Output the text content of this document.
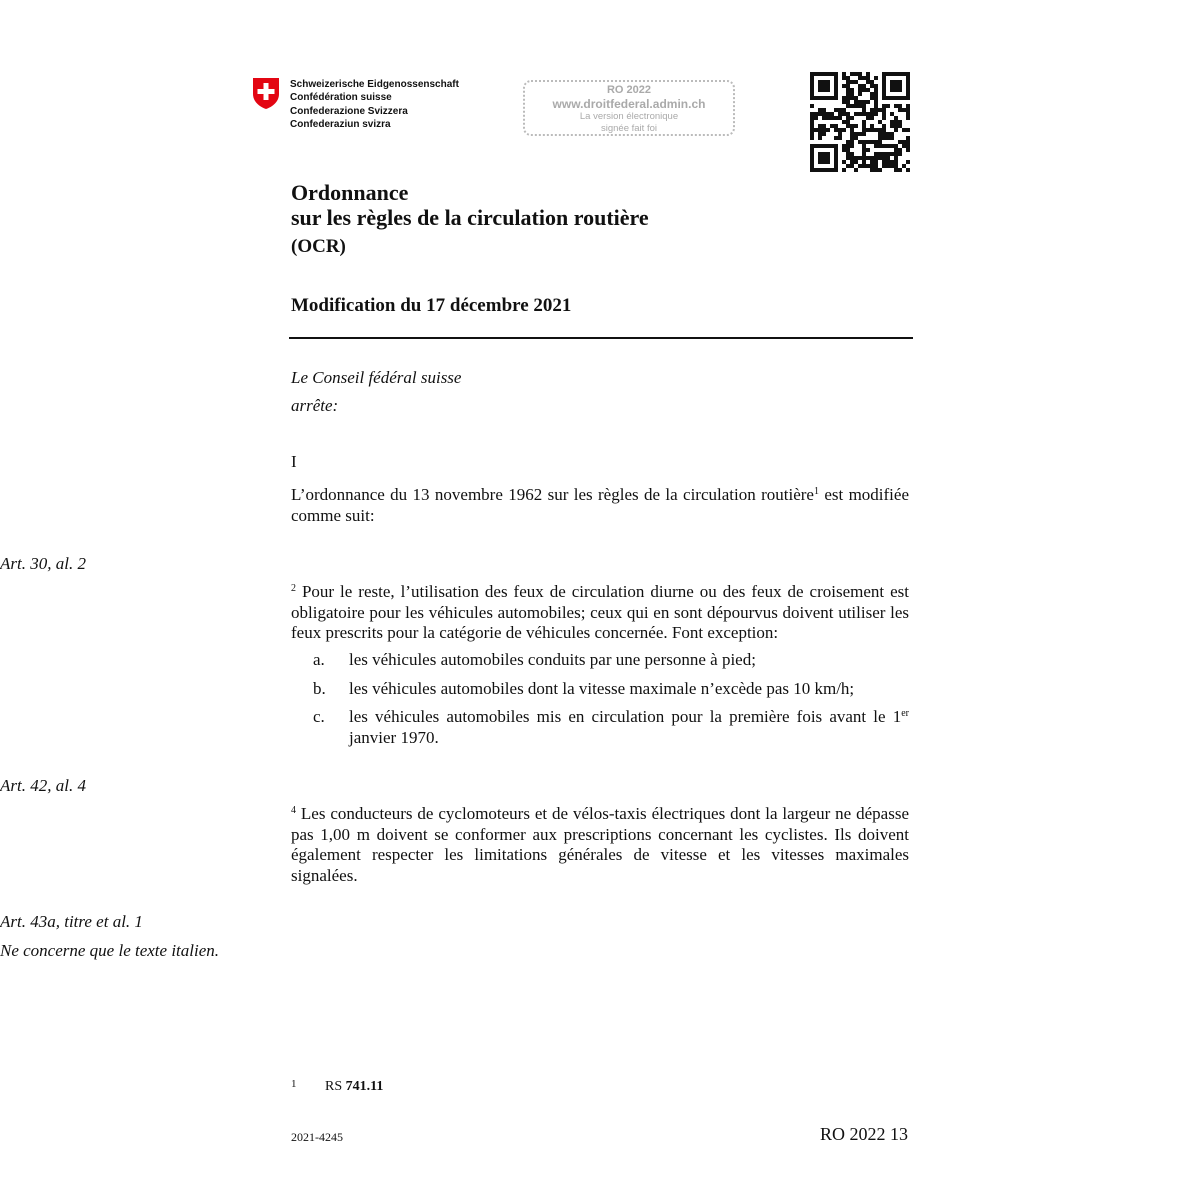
Schweizerische Eidgenossenschaft
Confédération suisse
Confederazione Svizzera
Confederaziun svizra
RO 2022
www.droitfederal.admin.ch
La version électronique
signée fait foi
Ordonnance
sur les règles de la circulation routière
(OCR)
Modification du 17 décembre 2021
Le Conseil fédéral suisse
arrête:
I
L’ordonnance du 13 novembre 1962 sur les règles de la circulation routière$^1$ est modifiée comme suit:
Art. 30, al. 2
$^2$ Pour le reste, l’utilisation des feux de circulation diurne ou des feux de croisement est obligatoire pour les véhicules automobiles; ceux qui en sont dépourvus doivent utiliser les feux prescrits pour la catégorie de véhicules concernée. Font exception:
a. les véhicules automobiles conduits par une personne à pied;
b. les véhicules automobiles dont la vitesse maximale n’excède pas 10 km/h;
c. les véhicules automobiles mis en circulation pour la première fois avant le 1er janvier 1970.
Art. 42, al. 4
$^4$ Les conducteurs de cyclomoteurs et de vélos-taxis électriques dont la largeur ne dépasse pas 1,00 m doivent se conformer aux prescriptions concernant les cyclistes. Ils doivent également respecter les limitations générales de vitesse et les vitesses maximales signalées.
Art. 43a, titre et al. 1
Ne concerne que le texte italien.
1 RS 741.11
2021-4245	RO 2022 13
